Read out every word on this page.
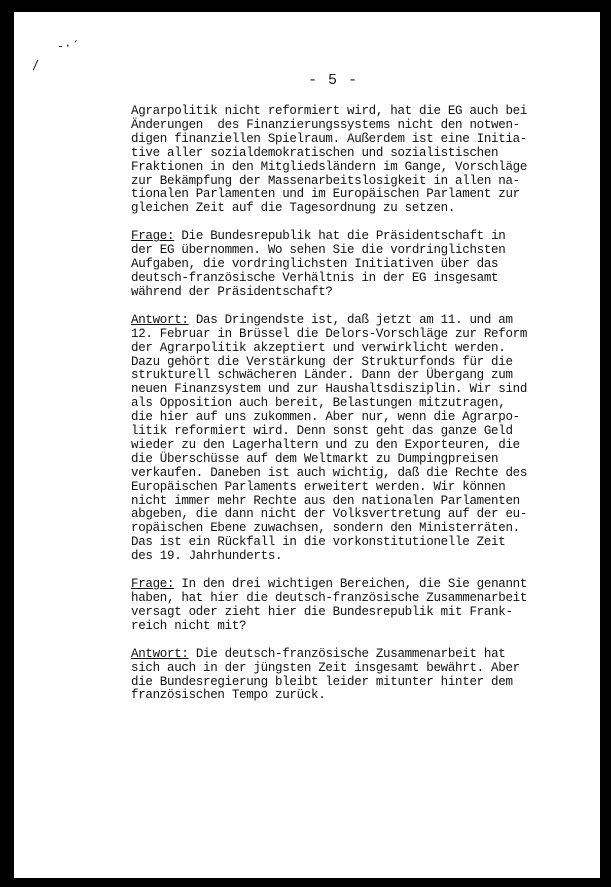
-·´
/
- 5 -
Agrarpolitik nicht reformiert wird, hat die EG auch bei
Änderungen  des Finanzierungssystems nicht den notwen-
digen finanziellen Spielraum. Außerdem ist eine Initia-
tive aller sozialdemokratischen und sozialistischen
Fraktionen in den Mitgliedsländern im Gange, Vorschläge
zur Bekämpfung der Massenarbeitslosigkeit in allen na-
tionalen Parlamenten und im Europäischen Parlament zur
gleichen Zeit auf die Tagesordnung zu setzen.
Frage: Die Bundesrepublik hat die Präsidentschaft in
der EG übernommen. Wo sehen Sie die vordringlichsten
Aufgaben, die vordringlichsten Initiativen über das
deutsch-französische Verhältnis in der EG insgesamt
während der Präsidentschaft?
Antwort: Das Dringendste ist, daß jetzt am 11. und am
12. Februar in Brüssel die Delors-Vorschläge zur Reform
der Agrarpolitik akzeptiert und verwirklicht werden.
Dazu gehört die Verstärkung der Strukturfonds für die
strukturell schwächeren Länder. Dann der Übergang zum
neuen Finanzsystem und zur Haushaltsdisziplin. Wir sind
als Opposition auch bereit, Belastungen mitzutragen,
die hier auf uns zukommen. Aber nur, wenn die Agrarpo-
litik reformiert wird. Denn sonst geht das ganze Geld
wieder zu den Lagerhaltern und zu den Exporteuren, die
die Überschüsse auf dem Weltmarkt zu Dumpingpreisen
verkaufen. Daneben ist auch wichtig, daß die Rechte des
Europäischen Parlaments erweitert werden. Wir können
nicht immer mehr Rechte aus den nationalen Parlamenten
abgeben, die dann nicht der Volksvertretung auf der eu-
ropäischen Ebene zuwachsen, sondern den Ministerräten.
Das ist ein Rückfall in die vorkonstitutionelle Zeit
des 19. Jahrhunderts.
Frage: In den drei wichtigen Bereichen, die Sie genannt
haben, hat hier die deutsch-französische Zusammenarbeit
versagt oder zieht hier die Bundesrepublik mit Frank-
reich nicht mit?
Antwort: Die deutsch-französische Zusammenarbeit hat
sich auch in der jüngsten Zeit insgesamt bewährt. Aber
die Bundesregierung bleibt leider mitunter hinter dem
französischen Tempo zurück.
